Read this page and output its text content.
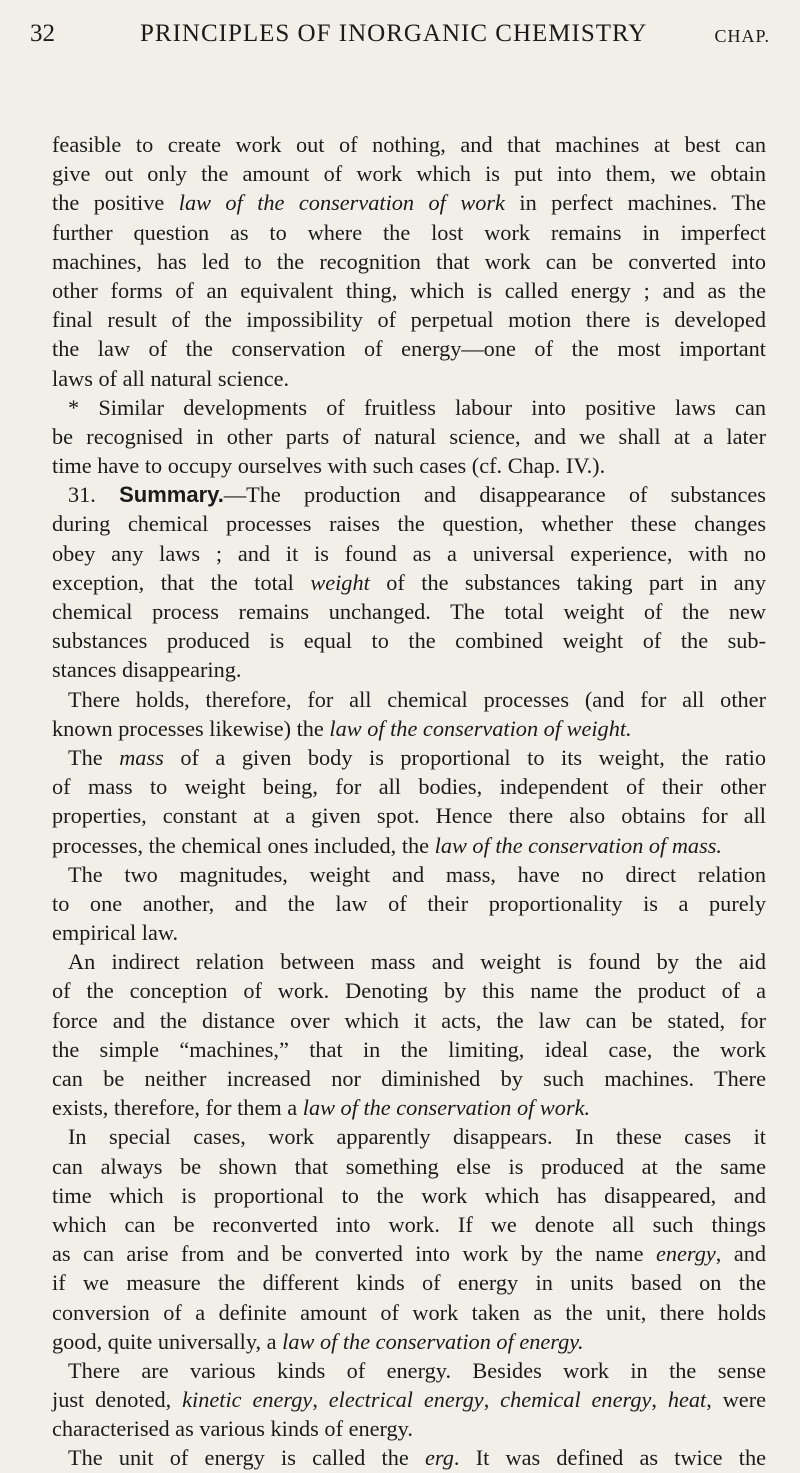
32	PRINCIPLES OF INORGANIC CHEMISTRY	CHAP.
feasible to create work out of nothing, and that machines at best can
give out only the amount of work which is put into them, we obtain
the positive law of the conservation of work in perfect machines. The
further question as to where the lost work remains in imperfect
machines, has led to the recognition that work can be converted into
other forms of an equivalent thing, which is called energy ; and as the
final result of the impossibility of perpetual motion there is developed
the law of the conservation of energy—one of the most important
laws of all natural science.
* Similar developments of fruitless labour into positive laws can
be recognised in other parts of natural science, and we shall at a later
time have to occupy ourselves with such cases (cf. Chap. IV.).
31. Summary.—The production and disappearance of substances
during chemical processes raises the question, whether these changes
obey any laws ; and it is found as a universal experience, with no
exception, that the total weight of the substances taking part in any
chemical process remains unchanged. The total weight of the new
substances produced is equal to the combined weight of the sub-
stances disappearing.
There holds, therefore, for all chemical processes (and for all other
known processes likewise) the law of the conservation of weight.
The mass of a given body is proportional to its weight, the ratio
of mass to weight being, for all bodies, independent of their other
properties, constant at a given spot. Hence there also obtains for all
processes, the chemical ones included, the law of the conservation of mass.
The two magnitudes, weight and mass, have no direct relation
to one another, and the law of their proportionality is a purely
empirical law.
An indirect relation between mass and weight is found by the aid
of the conception of work. Denoting by this name the product of a
force and the distance over which it acts, the law can be stated, for
the simple “machines,” that in the limiting, ideal case, the work
can be neither increased nor diminished by such machines. There
exists, therefore, for them a law of the conservation of work.
In special cases, work apparently disappears. In these cases it
can always be shown that something else is produced at the same
time which is proportional to the work which has disappeared, and
which can be reconverted into work. If we denote all such things
as can arise from and be converted into work by the name energy, and
if we measure the different kinds of energy in units based on the
conversion of a definite amount of work taken as the unit, there holds
good, quite universally, a law of the conservation of energy.
There are various kinds of energy. Besides work in the sense
just denoted, kinetic energy, electrical energy, chemical energy, heat, were
characterised as various kinds of energy.
The unit of energy is called the erg. It was defined as twice the
